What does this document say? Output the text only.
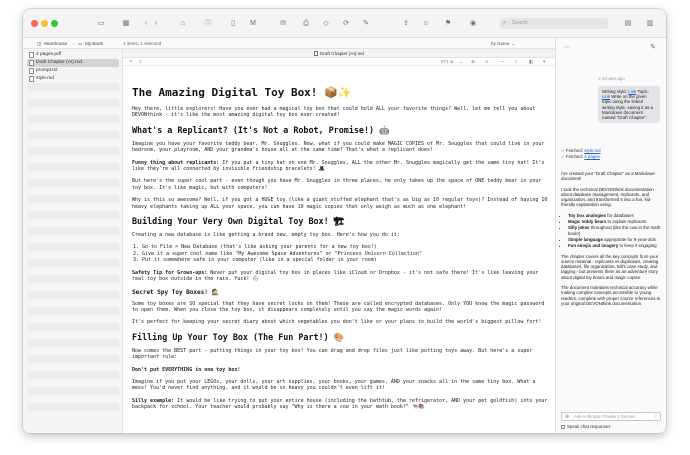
▭	▦	‹	›	⌂	ⓘ	▯	M	✉	⎙	◇	⟳ ✎	⇪ ☺ ⚑	◉	⌕ Search	▤ ▥
◫ Warehouse › ▭ My Book	4 items, 1 selected	by Name ⌄
4 pages.pdf
Draft Chapter (AI).md
prompt.txt
style.md
Draft Chapter (AI).md
✎ ≡	871 w ⌄ ≣ A	⌁ ⌕ ◧ ▾
The Amazing Digital Toy Box! 📦✨

Hey there, little explorers! Have you ever had a magical toy box that could hold ALL your favorite things? Well, let me tell you about DEVONthink - it's like the most amazing digital toy box ever created!

What's a Replicant? (It's Not a Robot, Promise!) 🤖

Imagine you have your favorite teddy bear, Mr. Snuggles. Now, what if you could make MAGIC COPIES of Mr. Snuggles that could live in your bedroom, your playroom, AND your grandma's house all at the same time? That's what a replicant does!

Funny thing about replicants: If you put a tiny hat on one Mr. Snuggles, ALL the other Mr. Snuggles magically get the same tiny hat! It's like they're all connected by invisible friendship bracelets! 🎩

But here's the super cool part - even though you have Mr. Snuggles in three places, he only takes up the space of ONE teddy bear in your toy box. It's like magic, but with computers!

Why is this so awesome? Well, if you got a HUGE toy (like a giant stuffed elephant that's as big as 10 regular toys)? Instead of having 10 heavy elephants taking up ALL your space, you can have 10 magic copies that only weigh as much as one elephant!

Building Your Very Own Digital Toy Box! 🏗

Creating a new database is like getting a brand new, empty toy box. Here's how you do it:

1. Go to File > New Database (that's like asking your parents for a new toy box!)
2. Give it a super cool name like "My Awesome Space Adventures" or "Princess Unicorn Collection"
3. Put it somewhere safe in your computer (like in a special folder in your room)

Safety Tip for Grown-ups: Never put your digital toy box in places like iCloud or Dropbox - it's not safe there! It's like leaving your real toy box outside in the rain. Yuck! 🌧

Secret Spy Toy Boxes! 🕵

Some toy boxes are SO special that they have secret locks on them! These are called encrypted databases. Only YOU know the magic password to open them. When you close the toy box, it disappears completely until you say the magic words again!

It's perfect for keeping your secret diary about which vegetables you don't like or your plans to build the world's biggest pillow fort!

Filling Up Your Toy Box (The Fun Part!) 🎨

Now comes the BEST part - putting things in your toy box! You can drag and drop files just like putting toys away. But here's a super important rule:

Don't put EVERYTHING in one toy box!

Imagine if you put your LEGOs, your dolls, your art supplies, your books, your games, AND your snacks all in the same tiny box. What a mess! You'd never find anything, and it would be so heavy you couldn't even lift it!

Silly example: It would be like trying to put your entire house (including the bathtub, the refrigerator, AND your pet goldfish) into your backpack for school. Your teacher would probably say "Why is there a cow in your math book?" 🐄📚

⋯	✎
4 minutes ago
Writing style: Link Topic: Link Write on the given topic using the linked writing style, saving it as a Markdown document named "Draft Chapter".
✓ Fetched: style.md
✓ Fetched: 4 pages

I've created your "Draft Chapter" as a Markdown document!

I took the technical DEVONthink documentation about database management, replicants, and organization, and transformed it into a fun, kid-friendly explanation using:

• Toy box analogies for databases
• Magic teddy bears to explain replicants
• Silly jokes throughout (like the cow in the math book!)
• Simple language appropriate for 8-year-olds
• Fun emojis and imagery to keep it engaging

The chapter covers all the key concepts from your source material - replicants vs duplicates, creating databases, file organization, Bill's case study, and tagging - but presents them as an adventure story about digital toy boxes and magic copies.

The document maintains technical accuracy while making complex concepts accessible to young readers, complete with proper source references to your original DEVONthink documentation.

⊕ Ask Anthropic Claude 4 Sonnet	↑
Speak chat responses
